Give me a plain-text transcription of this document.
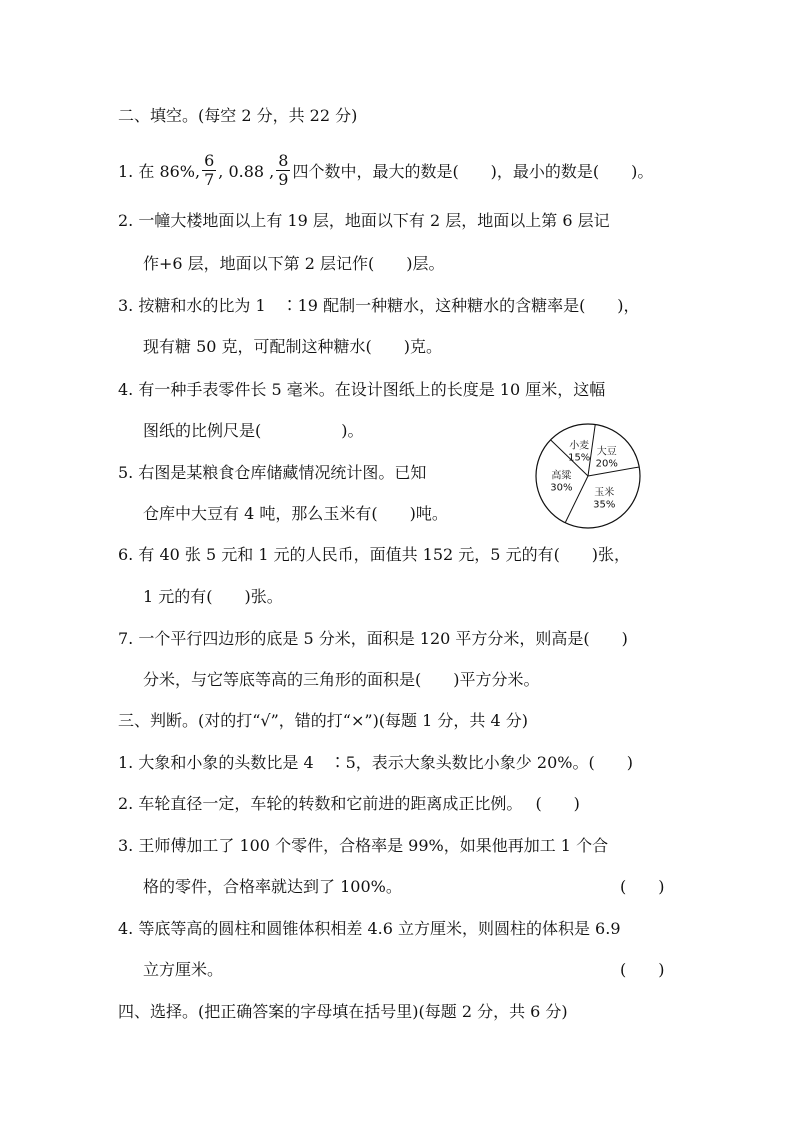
二、填空。(每空 2 分，共 22 分)
1. 在 86%, $\frac{6}{7}$ , 0.88 , $\frac{8}{9}$ 四个数中，最大的数是(　　)，最小的数是(　　)。
2. 一幢大楼地面以上有 19 层，地面以下有 2 层，地面以上第 6 层记
作+6 层，地面以下第 2 层记作(　　)层。
3. 按糖和水的比为 1　∶19 配制一种糖水，这种糖水的含糖率是(　　)，
现有糖 50 克，可配制这种糖水(　　)克。
4. 有一种手表零件长 5 毫米。在设计图纸上的长度是 10 厘米，这幅
图纸的比例尺是(　　　　　)。
5. 右图是某粮食仓库储藏情况统计图。已知
仓库中大豆有 4 吨，那么玉米有(　　)吨。
大豆
20%
玉米
35%
高粱
30%
小麦
15%
6. 有 40 张 5 元和 1 元的人民币，面值共 152 元，5 元的有(　　)张，
1 元的有(　　)张。
7. 一个平行四边形的底是 5 分米，面积是 120 平方分米，则高是(　　)
分米，与它等底等高的三角形的面积是(　　)平方分米。
三、判断。(对的打“√”，错的打“×”)(每题 1 分，共 4 分)
1. 大象和小象的头数比是 4　∶5，表示大象头数比小象少 20%。(　　)
2. 车轮直径一定，车轮的转数和它前进的距离成正比例。　 (　　)
3. 王师傅加工了 100 个零件，合格率是 99%，如果他再加工 1 个合
格的零件，合格率就达到了 100%。	(　　)
4. 等底等高的圆柱和圆锥体积相差 4.6 立方厘米，则圆柱的体积是 6.9
立方厘米。	(　　)
四、选择。(把正确答案的字母填在括号里)(每题 2 分，共 6 分)
